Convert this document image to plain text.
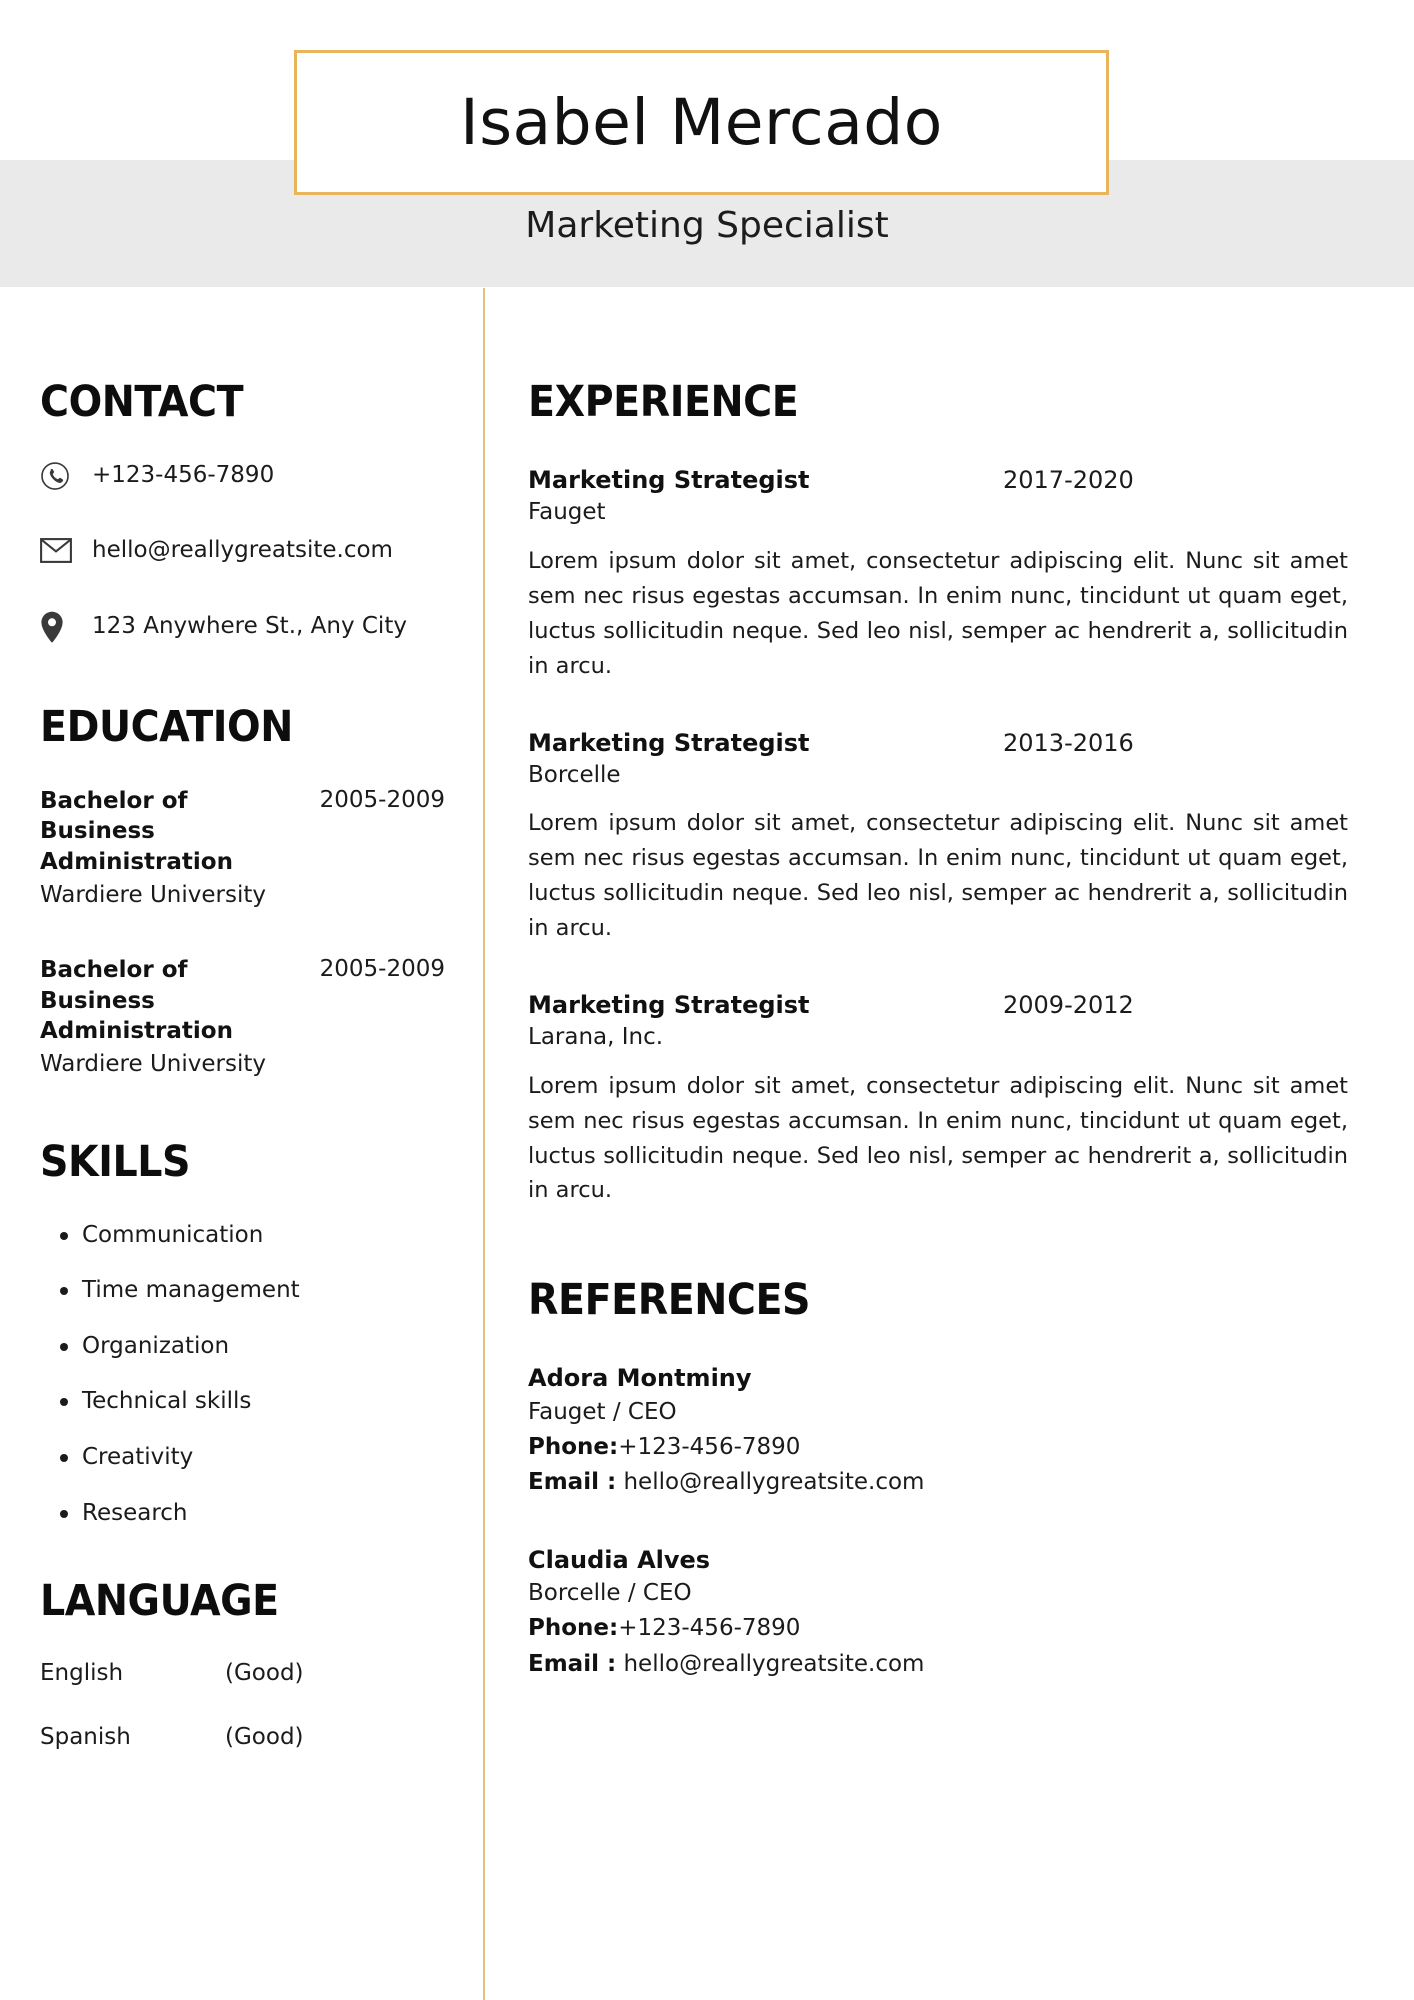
Isabel Mercado
Marketing Specialist
CONTACT
+123-456-7890
hello@reallygreatsite.com
123 Anywhere St., Any City
EDUCATION
Bachelor of Business Administration
2005-2009
Wardiere University
Bachelor of Business Administration
2005-2009
Wardiere University
SKILLS
Communication
Time management
Organization
Technical skills
Creativity
Research
LANGUAGE
English	(Good)
Spanish	(Good)
EXPERIENCE
Marketing Strategist	2017-2020
Fauget
Lorem ipsum dolor sit amet, consectetur adipiscing elit. Nunc sit amet sem nec risus egestas accumsan. In enim nunc, tincidunt ut quam eget, luctus sollicitudin neque. Sed leo nisl, semper ac hendrerit a, sollicitudin in arcu.
Marketing Strategist	2013-2016
Borcelle
Lorem ipsum dolor sit amet, consectetur adipiscing elit. Nunc sit amet sem nec risus egestas accumsan. In enim nunc, tincidunt ut quam eget, luctus sollicitudin neque. Sed leo nisl, semper ac hendrerit a, sollicitudin in arcu.
Marketing Strategist	2009-2012
Larana, Inc.
Lorem ipsum dolor sit amet, consectetur adipiscing elit. Nunc sit amet sem nec risus egestas accumsan. In enim nunc, tincidunt ut quam eget, luctus sollicitudin neque. Sed leo nisl, semper ac hendrerit a, sollicitudin in arcu.
REFERENCES
Adora Montminy
Fauget / CEO
Phone:+123-456-7890
Email : hello@reallygreatsite.com
Claudia Alves
Borcelle / CEO
Phone:+123-456-7890
Email : hello@reallygreatsite.com
